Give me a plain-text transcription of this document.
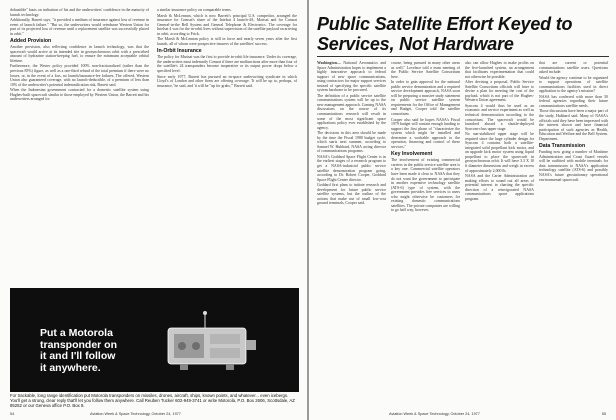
dobustible" basis on indication of his and the underwriters' confidence in the maturity of launch technology.

Additionally, Barrett says, "it provided a medium of insurance against loss of revenue in event of launch failure." "But so, the underwriters would reimburse Western Union for part of its projected loss of revenue until a replacement satellite was successfully placed in orbit."

Added Provision

Another provision, also reflecting confidence in launch technology, was that the spacecraft would arrive at its intended site in geosynchronous orbit with a prescribed amount of hydrazine station-keeping fuel, to ensure the minimum acceptable orbital lifetime.

Furthermore, the Wester policy provided 100% non-fractionalized (rather than the previous 85%) figure, as well as a one-third refund of the total premium if there were no losses, or, in the event of a loss, no launch/insurance-fee failures. The offered, Western Union also guaranteed coverage, with no launch-deductible, of a premium of less than 10% of the underwriter's potential indemnification risk, Barrett said.

When the Indonesian government contracted for a domestic satellite system using Hughes-built spacecraft similar to those employed by Western Union, the Barrett and his underwriters arranged for

a similar insurance policy on comparable terms.

Marsh & McLennan, which is now Barrett's principal U.S. competitor, arranged the insurance for Comsat's share of the Intelsat 4 launch-4A, Marisat and for Comsat General-in-the Bell System and General Telephone & Electronics. The coverage for Intelsat 4 was for the in-orbit lives without supervision of the satellite payload on arriving in orbit, according to Frick.

The Marsh & McLennan policy is still in force and nearly seven years after the first launch, all of whom were prospective insurers of the satellites' success.

In-Orbit Insurance

The policy for Marisat was the first to provide in-orbit life insurance. Under its coverage, the underwriters must indemnify Comsat if there are malfunctions after more than four of the satellite's 24 transponders become inoperative or its output power drops below a specified level.

Since early 1977, Barrett has pursued an in-space underwriting syndicate in which Lloyd's of London and other firms are offering coverage. 'It will be up to, perhaps, of insurance,' he said, and 'it will be "up for grabs,"' Barrett said.

Put a Motorola transponder on it and I'll follow it anywhere.
For trackable, long range identification put Motorola transponders on missiles, drones, aircraft, ships, known points, and whatever... even icebergs. You'll get a strong, clear reply that'll let you follow them anywhere. Call Reuben Tucker 602-949-3741 or write Motorola, P.O. Box 2606, Scottsdale, AZ 85252 or our Geneva office P.O. Box 8.
54	Aviation Week & Space Technology, October 24, 1977
Public Satellite Effort Keyed to Services, Not Hardware

Washington— National Aeronautics and Space Administration hopes to implement a highly innovative approach to federal support of new space communications, using contractors for major support services instead of specifying the specific satellite system hardware to be procured.

The definition of a public service satellite communications system will be up to the new management approach. Coming NASA discussions on the course of its communications research will result in some of the most significant space applications policy ever established by the agency.

The decisions in this area should be made by the time the Fiscal 1980 budget cycle, which starts next summer, according to Samuel W. Hubbard, NASA acting director of communications programs.

NASA's Goddard Space Flight Center is in the earliest stages of a research program to get a NASA-industrial public service satellite demonstration program going, according to Dr. Robert Cooper, Goddard Space Flight Center director.

Goddard first plans to initiate research and development for future public service satellite systems, but the outline of the actions that make use of small low-cost ground terminals, Cooper said.

course, being pursued in many other areas as well," Lovelace told a team meeting of the Public Service Satellite Consortium here.

In order to gain approval for the national public service demonstration and a required service development approach, NASA soon will be preparing a massive study statement on public service satellite system requirements for the Office of Management and Budget, Cooper told the satellite consortium.

Cooper also said he hopes NASA's Fiscal 1979 budget will contain enough funding to support the first phase of "characterize the system which might be installed and determine a workable approach to the operation, financing and control of these services."

Key Involvement

The involvement of existing commercial carriers in the public service satellite area is a key one. Commercial satellite operators have been made it clear to NASA that they do not want the government to participate in another expensive technology satellite (ATS-6) type of system, with the government provides free services to users who might otherwise be customers for existing domestic communications satellites. The private companies are willing to go half way, however.

also can allow Hughes to make profits on the five-launched system, an arrangement that facilitates experimentation that could not otherwise be possible.

After devising a proposal, Public Service Satellite Consortium officials will have to devise a plan for meeting the cost of the payload, which is not part of the Hughes-Western Union agreement.

Syncom 4 would thus be used as an economic and service experiment as well as technical demonstration according to the consortium. The spacecraft would be launched aboard a shuttle-deployed Syncom-class upper stage.

No sun-stabilized upper stage will be required since the large cylinder design for Syncom 4 contains both a satellite-integrated solid propellant kick motor, and an upgrade kick motor system using liquid propellant to place the spacecraft in geosynchronous orbit. It will have 3.3 X 10 ft diameter dimensions and weigh in excess of approximately 2,000 lb.

NASA and the Carter Administration are making efforts to sound out all areas of potential interest in charting the specific direction of a reinvigorated NASA communications space applications program.

that are current or potential communications satellite users. Questions asked include:

Would the agency continue to be organized to support operations of satellite communications facilities used in direct application to the agency's mission?

NASA has conferred with more than 50 federal agencies regarding their future communications satellite needs.

Those discussions have been a major part of the study, Hubbard said. Many of NASA's officials said they have been impressed with the interest shown and have financial participation of such agencies as Health, Education and Welfare and the Bell System. Department.

Data Transmission

Funding now going a number of Maritime Administration and Coast Guard vessels will be outfitted with mobile terminals for data transmission to NASA's application technology satellite (ATS-6) and possibly NASA's future geostationary operational environmental spacecraft.

Aviation Week & Space Technology, October 24, 1977	55
